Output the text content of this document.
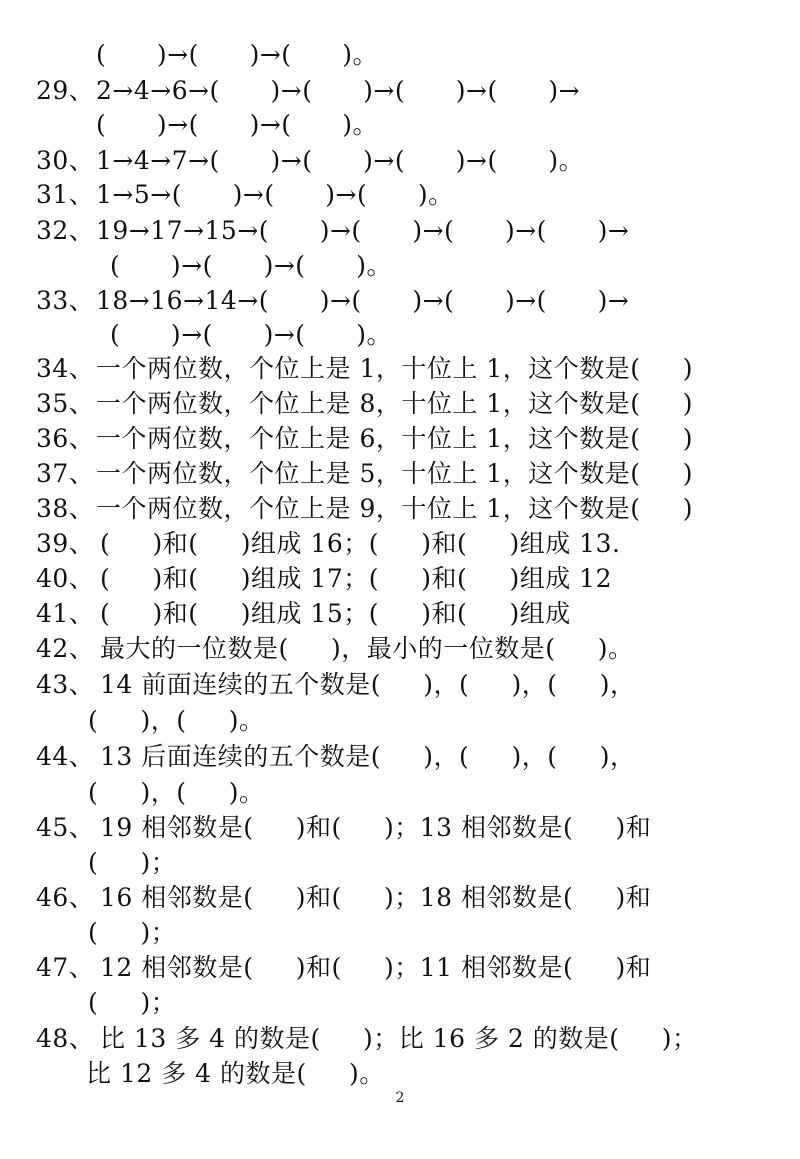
(      )→(      )→(      )。

29、

2→4→6→(      )→(      )→(      )→(      )→

(      )→(      )→(      )。

30、

1→4→7→(      )→(      )→(      )→(      )。

31、

1→5→(      )→(      )→(      )。

32、

19→17→15→(      )→(      )→(      )→(      )→

(      )→(      )→(      )。

33、

18→16→14→(      )→(      )→(      )→(      )→

(      )→(      )→(      )。

34、

一个两位数，个位上是 1，十位上 1，这个数是(     )

35、

一个两位数，个位上是 8，十位上 1，这个数是(     )

36、

一个两位数，个位上是 6，十位上 1，这个数是(     )

37、

一个两位数，个位上是 5，十位上 1，这个数是(     )

38、

一个两位数，个位上是 9，十位上 1，这个数是(     )

39、

(     )和(     )组成 16；(     )和(     )组成 13.

40、

(     )和(     )组成 17；(     )和(     )组成 12

41、

(     )和(     )组成 15；(     )和(     )组成

42、

最大的一位数是(     )，最小的一位数是(     )。

43、

14 前面连续的五个数是(     )，(     )，(     )，

(     )，(     )。

44、

13 后面连续的五个数是(     )，(     )，(     )，

(     )，(     )。

45、

19 相邻数是(     )和(     )；13 相邻数是(     )和

(     )；

46、

16 相邻数是(     )和(     )；18 相邻数是(     )和

(     )；

47、

12 相邻数是(     )和(     )；11 相邻数是(     )和

(     )；

48、

比 13 多 4 的数是(     )；比 16 多 2 的数是(     )；

比 12 多 4 的数是(     )。

2
